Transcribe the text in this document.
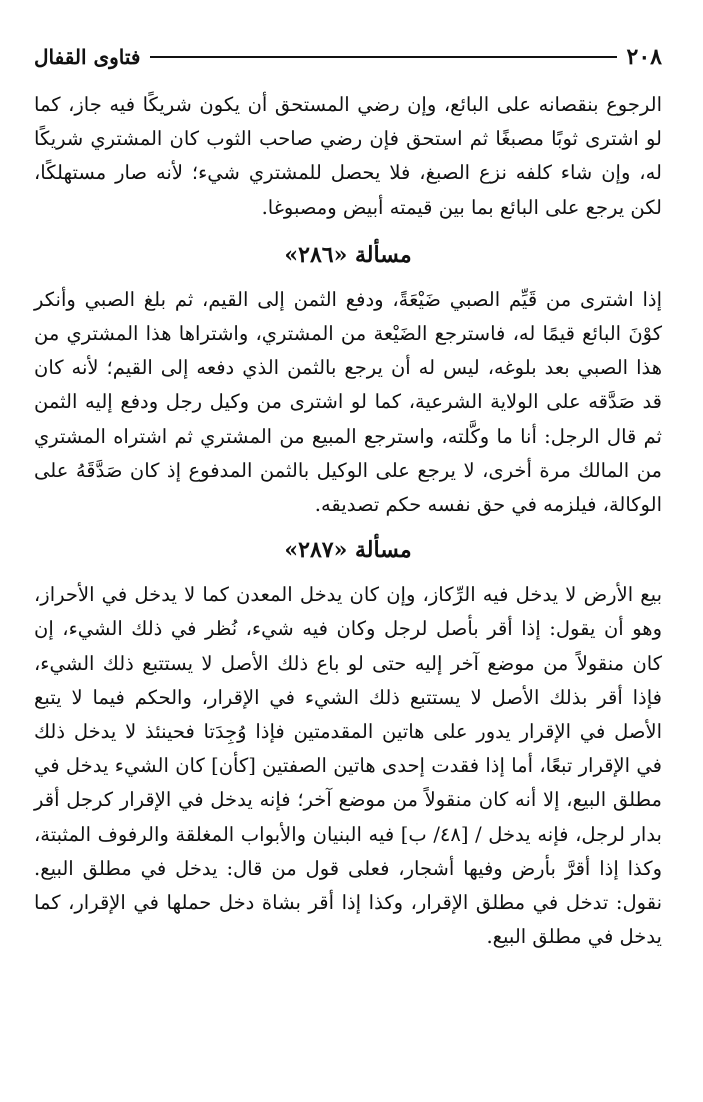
٢٠٨
فتاوى القفال

الرجوع بنقصانه على البائع، وإن رضي المستحق أن يكون شريكًا فيه جاز، كما لو اشترى ثوبًا مصبغًا ثم استحق فإن رضي صاحب الثوب كان المشتري شريكًا له، وإن شاء كلفه نزع الصبغ، فلا يحصل للمشتري شيء؛ لأنه صار مستهلكًا، لكن يرجع على البائع بما بين قيمته أبيض ومصبوغا.

مسألة «٢٨٦»

إذا اشترى من قَيِّم الصبي ضَيْعَةً، ودفع الثمن إلى القيم، ثم بلغ الصبي وأنكر كوْنَ البائع قيمًا له، فاسترجع الضَيْعة من المشتري، واشتراها هذا المشتري من هذا الصبي بعد بلوغه، ليس له أن يرجع بالثمن الذي دفعه إلى القيم؛ لأنه كان قد صَدَّقه على الولاية الشرعية، كما لو اشترى من وكيل رجل ودفع إليه الثمن ثم قال الرجل: أنا ما وكَّلته، واسترجع المبيع من المشتري ثم اشتراه المشتري من المالك مرة أخرى، لا يرجع على الوكيل بالثمن المدفوع إذ كان صَدَّقَهُ على الوكالة، فيلزمه في حق نفسه حكم تصديقه.

مسألة «٢٨٧»

بيع الأرض لا يدخل فيه الرِّكاز، وإن كان يدخل المعدن كما لا يدخل في الأحراز، وهو أن يقول: إذا أقر بأصل لرجل وكان فيه شيء، نُظر في ذلك الشيء، إن كان منقولاً من موضع آخر إليه حتى لو باع ذلك الأصل لا يستتبع ذلك الشيء، فإذا أقر بذلك الأصل لا يستتبع ذلك الشيء في الإقرار، والحكم فيما لا يتبع الأصل في الإقرار يدور على هاتين المقدمتين فإذا وُجِدَتا فحينئذ لا يدخل ذلك في الإقرار تبعًا، أما إذا فقدت إحدى هاتين الصفتين [كأن] كان الشيء يدخل في مطلق البيع، إلا أنه كان منقولاً من موضع آخر؛ فإنه يدخل في الإقرار كرجل أقر بدار لرجل، فإنه يدخل / [٤٨/ ب] فيه البنيان والأبواب المغلقة والرفوف المثبتة، وكذا إذا أقرَّ بأرض وفيها أشجار، فعلى قول من قال: يدخل في مطلق البيع. نقول: تدخل في مطلق الإقرار، وكذا إذا أقر بشاة دخل حملها في الإقرار، كما يدخل في مطلق البيع.
